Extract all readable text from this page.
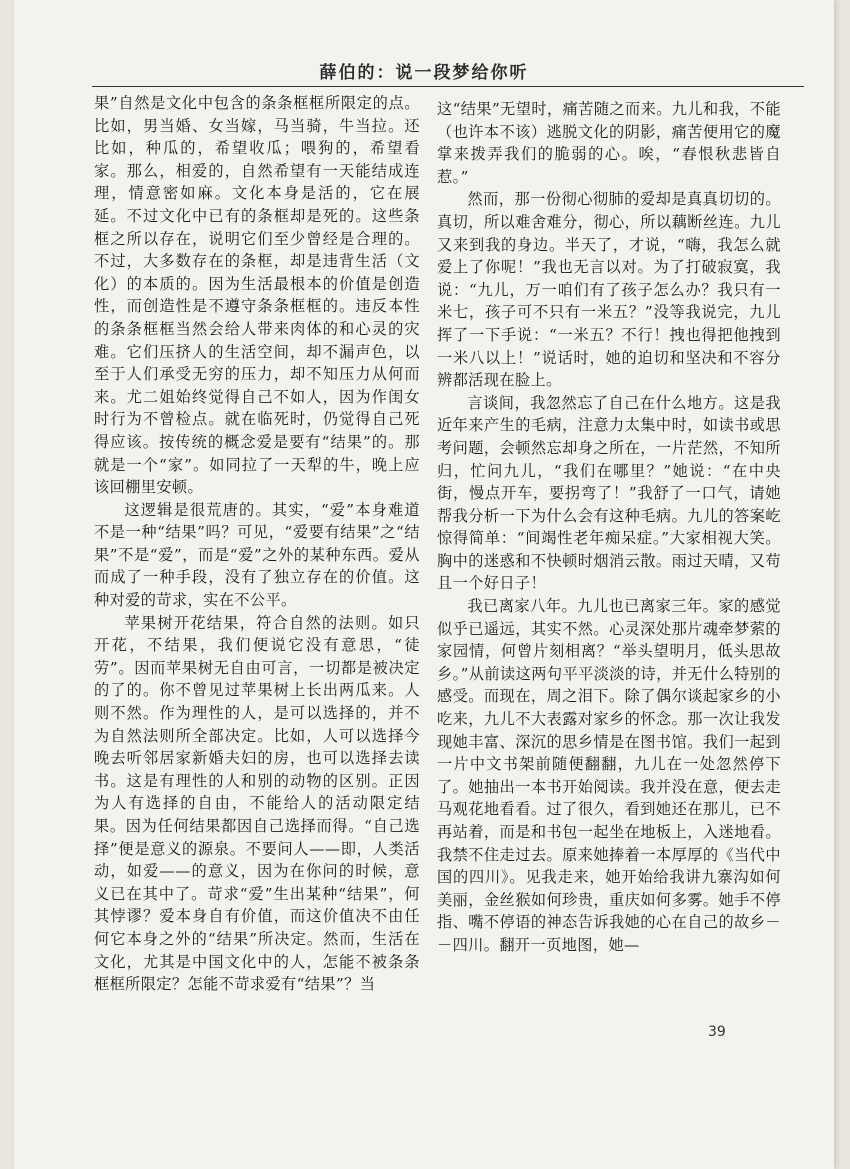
薛伯的：说一段梦给你听

果”自然是文化中包含的条条框框所限定的点。比如，男当婚、女当嫁，马当骑，牛当拉。还比如，种瓜的，希望收瓜；喂狗的，希望看家。那么，相爱的，自然希望有一天能结成连理，情意密如麻。文化本身是活的，它在展延。不过文化中已有的条框却是死的。这些条框之所以存在，说明它们至少曾经是合理的。不过，大多数存在的条框，却是违背生活（文化）的本质的。因为生活最根本的价值是创造性，而创造性是不遵守条条框框的。违反本性的条条框框当然会给人带来肉体的和心灵的灾难。它们压挤人的生活空间，却不漏声色，以至于人们承受无穷的压力，却不知压力从何而来。尤二姐始终觉得自己不如人，因为作闺女时行为不曾检点。就在临死时，仍觉得自己死得应该。按传统的概念爱是要有“结果”的。那就是一个“家”。如同拉了一天犁的牛，晚上应该回棚里安顿。

这逻辑是很荒唐的。其实，“爱”本身难道不是一种“结果”吗？可见，“爱要有结果”之“结果”不是“爱”，而是“爱”之外的某种东西。爱从而成了一种手段，没有了独立存在的价值。这种对爱的苛求，实在不公平。

苹果树开花结果，符合自然的法则。如只开花，不结果，我们便说它没有意思，“徒劳”。因而苹果树无自由可言，一切都是被决定的了的。你不曾见过苹果树上长出两瓜来。人则不然。作为理性的人，是可以选择的，并不为自然法则所全部决定。比如，人可以选择今晚去听邻居家新婚夫妇的房，也可以选择去读书。这是有理性的人和别的动物的区别。正因为人有选择的自由，不能给人的活动限定结果。因为任何结果都因自己选择而得。“自己选择”便是意义的源泉。不要问人——即，人类活动，如爱——的意义，因为在你问的时候，意义已在其中了。苛求“爱”生出某种“结果”，何其悖谬？爱本身自有价值，而这价值决不由任何它本身之外的“结果”所决定。然而，生活在文化，尤其是中国文化中的人，怎能不被条条框框所限定？怎能不苛求爱有“结果”？当

这“结果”无望时，痛苦随之而来。九儿和我，不能（也许本不该）逃脱文化的阴影，痛苦便用它的魔掌来拨弄我们的脆弱的心。唉，“春恨秋悲皆自惹。”

然而，那一份彻心彻肺的爱却是真真切切的。真切，所以难舍难分，彻心，所以藕断丝连。九儿又来到我的身边。半天了，才说，“嗨，我怎么就爱上了你呢！”我也无言以对。为了打破寂寞，我说：“九儿，万一咱们有了孩子怎么办？我只有一米七，孩子可不只有一米五？”没等我说完，九儿挥了一下手说：“一米五？不行！拽也得把他拽到一米八以上！”说话时，她的迫切和坚决和不容分辨都活现在脸上。

言谈间，我忽然忘了自己在什么地方。这是我近年来产生的毛病，注意力太集中时，如读书或思考问题，会顿然忘却身之所在，一片茫然，不知所归，忙问九儿，“我们在哪里？”她说：“在中央街，慢点开车，要拐弯了！”我舒了一口气，请她帮我分析一下为什么会有这种毛病。九儿的答案屹惊得简单：“间竭性老年痴呆症。”大家相视大笑。胸中的迷惑和不快顿时烟消云散。雨过天晴，又苟且一个好日子！

我已离家八年。九儿也已离家三年。家的感觉似乎已遥远，其实不然。心灵深处那片魂牵梦萦的家园情，何曾片刻相离？“举头望明月，低头思故乡。”从前读这两句平平淡淡的诗，并无什么特别的感受。而现在，周之泪下。除了偶尔谈起家乡的小吃来，九儿不大表露对家乡的怀念。那一次让我发现她丰富、深沉的思乡情是在图书馆。我们一起到一片中文书架前随便翻翻，九儿在一处忽然停下了。她抽出一本书开始阅读。我并没在意，便去走马观花地看看。过了很久，看到她还在那儿，已不再站着，而是和书包一起坐在地板上，入迷地看。我禁不住走过去。原来她捧着一本厚厚的《当代中国的四川》。见我走来，她开始给我讲九寨沟如何美丽，金丝猴如何珍贵，重庆如何多雾。她手不停指、嘴不停语的神态告诉我她的心在自己的故乡－－四川。翻开一页地图，她—

39
